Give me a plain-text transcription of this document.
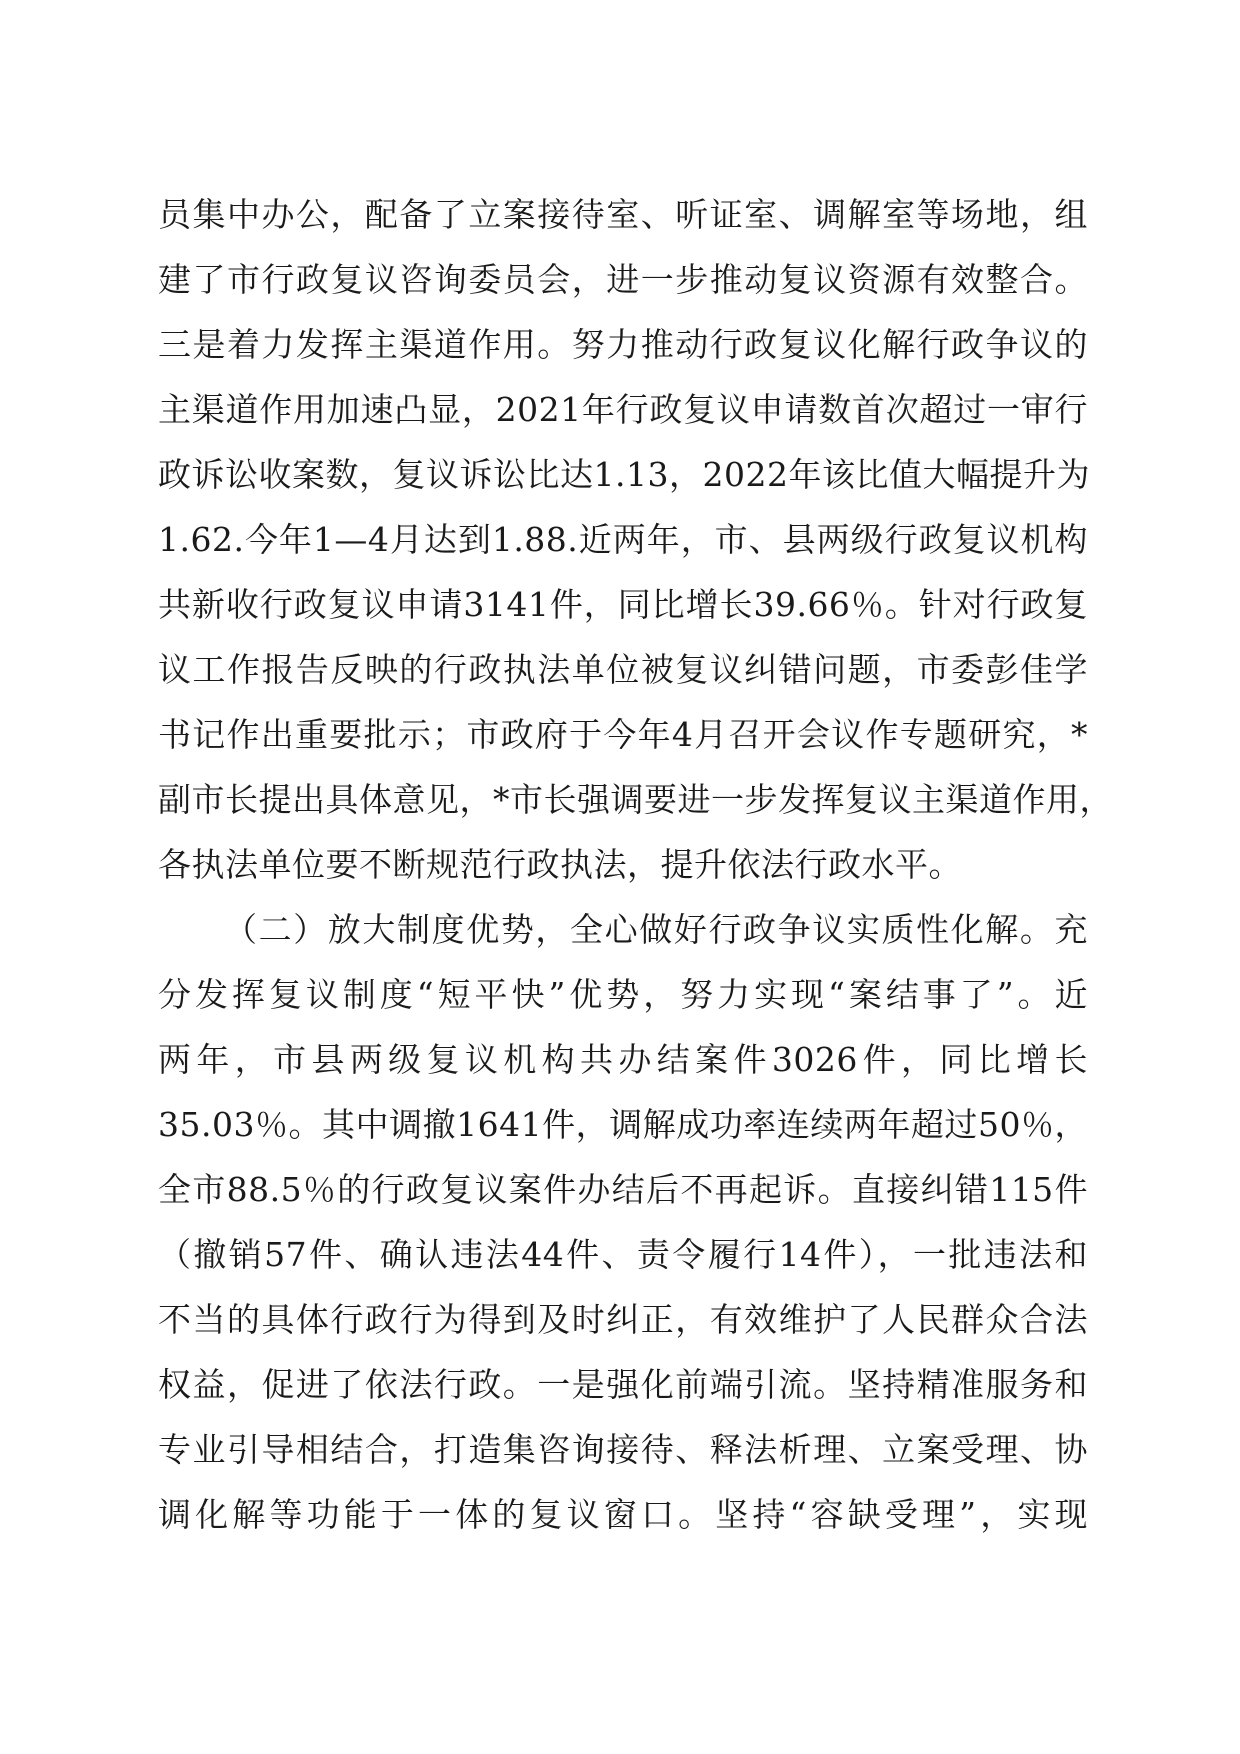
员集中办公，配备了立案接待室、听证室、调解室等场地，组
建了市行政复议咨询委员会，进一步推动复议资源有效整合。
三是着力发挥主渠道作用。努力推动行政复议化解行政争议的
主渠道作用加速凸显，2021年行政复议申请数首次超过一审行
政诉讼收案数，复议诉讼比达1.13，2022年该比值大幅提升为
1.62.今年1—4月达到1.88.近两年，市、县两级行政复议机构
共新收行政复议申请3141件，同比增长39.66％。针对行政复
议工作报告反映的行政执法单位被复议纠错问题，市委彭佳学
书记作出重要批示；市政府于今年4月召开会议作专题研究，*
副市长提出具体意见，*市长强调要进一步发挥复议主渠道作用，
各执法单位要不断规范行政执法，提升依法行政水平。
（二）放大制度优势，全心做好行政争议实质性化解。充
分发挥复议制度“短平快”优势，努力实现“案结事了”。近
两年，市县两级复议机构共办结案件3026件，同比增长
35.03％。其中调撤1641件，调解成功率连续两年超过50％，
全市88.5％的行政复议案件办结后不再起诉。直接纠错115件
（撤销57件、确认违法44件、责令履行14件），一批违法和
不当的具体行政行为得到及时纠正，有效维护了人民群众合法
权益，促进了依法行政。一是强化前端引流。坚持精准服务和
专业引导相结合，打造集咨询接待、释法析理、立案受理、协
调化解等功能于一体的复议窗口。坚持“容缺受理”，实现
